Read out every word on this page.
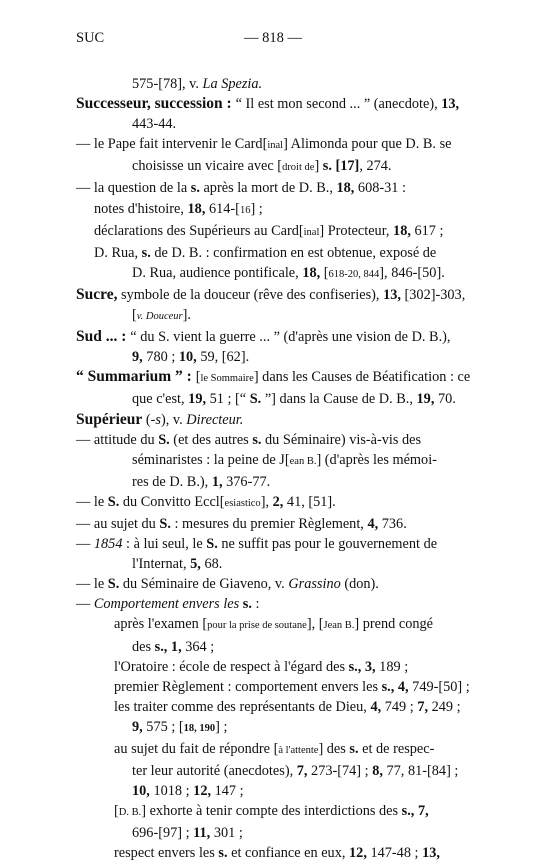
SUC	— 818 —
575-[78], v. La Spezia.
Successeur, succession : “ Il est mon second ... ” (anecdote), 13,
443-44.
— le Pape fait intervenir le Card[inal] Alimonda pour que D. B. se
choisisse un vicaire avec [droit de] s. [17], 274.
— la question de la s. après la mort de D. B., 18, 608-31 :
notes d'histoire, 18, 614-[16] ;
déclarations des Supérieurs au Card[inal] Protecteur, 18, 617 ;
D. Rua, s. de D. B. : confirmation en est obtenue, exposé de
D. Rua, audience pontificale, 18, [618-20, 844], 846-[50].
Sucre, symbole de la douceur (rêve des confiseries), 13, [302]-303,
[v. Douceur].
Sud ... : “ du S. vient la guerre ... ” (d'après une vision de D. B.),
9, 780 ; 10, 59, [62].
“ Summarium ” : [le Sommaire] dans les Causes de Béatification : ce
que c'est, 19, 51 ; [“ S. ”] dans la Cause de D. B., 19, 70.
Supérieur (-s), v. Directeur.
— attitude du S. (et des autres s. du Séminaire) vis-à-vis des
séminaristes : la peine de J[ean B.] (d'après les mémoi-
res de D. B.), 1, 376-77.
— le S. du Convitto Eccl[esiastico], 2, 41, [51].
— au sujet du S. : mesures du premier Règlement, 4, 736.
— 1854 : à lui seul, le S. ne suffit pas pour le gouvernement de
l'Internat, 5, 68.
— le S. du Séminaire de Giaveno, v. Grassino (don).
— Comportement envers les s. :
après l'examen [pour la prise de soutane], [Jean B.] prend congé
des s., 1, 364 ;
l'Oratoire : école de respect à l'égard des s., 3, 189 ;
premier Règlement : comportement envers les s., 4, 749-[50] ;
les traiter comme des représentants de Dieu, 4, 749 ; 7, 249 ;
9, 575 ; [18, 190] ;
au sujet du fait de répondre [à l'attente] des s. et de respec-
ter leur autorité (anecdotes), 7, 273-[74] ; 8, 77, 81-[84] ;
10, 1018 ; 12, 147 ;
[D. B.] exhorte à tenir compte des interdictions des s., 7,
696-[97] ; 11, 301 ;
respect envers les s. et confiance en eux, 12, 147-48 ; 13,
